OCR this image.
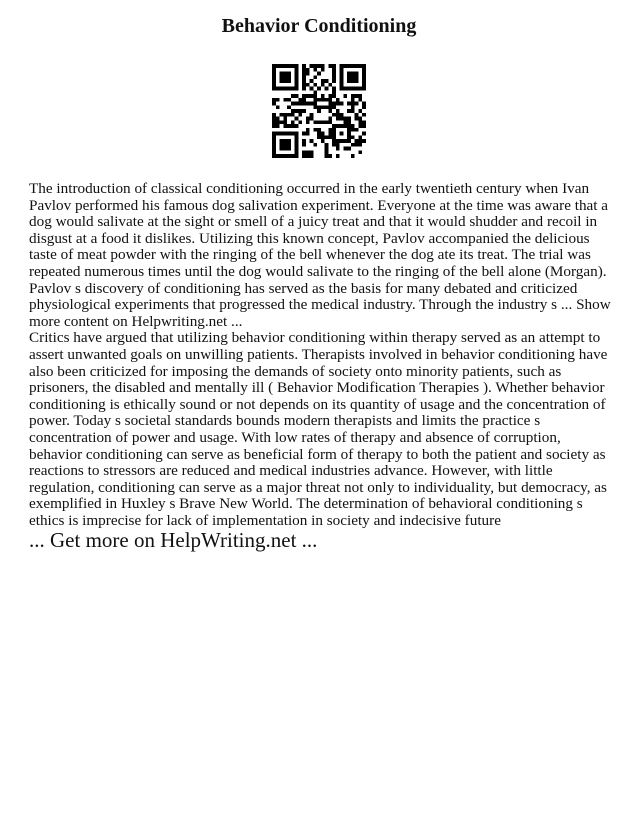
Behavior Conditioning

The introduction of classical conditioning occurred in the early twentieth century when Ivan Pavlov performed his famous dog salivation experiment. Everyone at the time was aware that a dog would salivate at the sight or smell of a juicy treat and that it would shudder and recoil in disgust at a food it dislikes. Utilizing this known concept, Pavlov accompanied the delicious taste of meat powder with the ringing of the bell whenever the dog ate its treat. The trial was repeated numerous times until the dog would salivate to the ringing of the bell alone (Morgan). Pavlov s discovery of conditioning has served as the basis for many debated and criticized physiological experiments that progressed the medical industry. Through the industry s ... Show more content on Helpwriting.net ...

Critics have argued that utilizing behavior conditioning within therapy served as an attempt to assert unwanted goals on unwilling patients. Therapists involved in behavior conditioning have also been criticized for imposing the demands of society onto minority patients, such as prisoners, the disabled and mentally ill ( Behavior Modification Therapies ). Whether behavior conditioning is ethically sound or not depends on its quantity of usage and the concentration of power. Today s societal standards bounds modern therapists and limits the practice s concentration of power and usage. With low rates of therapy and absence of corruption, behavior conditioning can serve as beneficial form of therapy to both the patient and society as reactions to stressors are reduced and medical industries advance. However, with little regulation, conditioning can serve as a major threat not only to individuality, but democracy, as exemplified in Huxley s Brave New World. The determination of behavioral conditioning s ethics is imprecise for lack of implementation in society and indecisive future

... Get more on HelpWriting.net ...
